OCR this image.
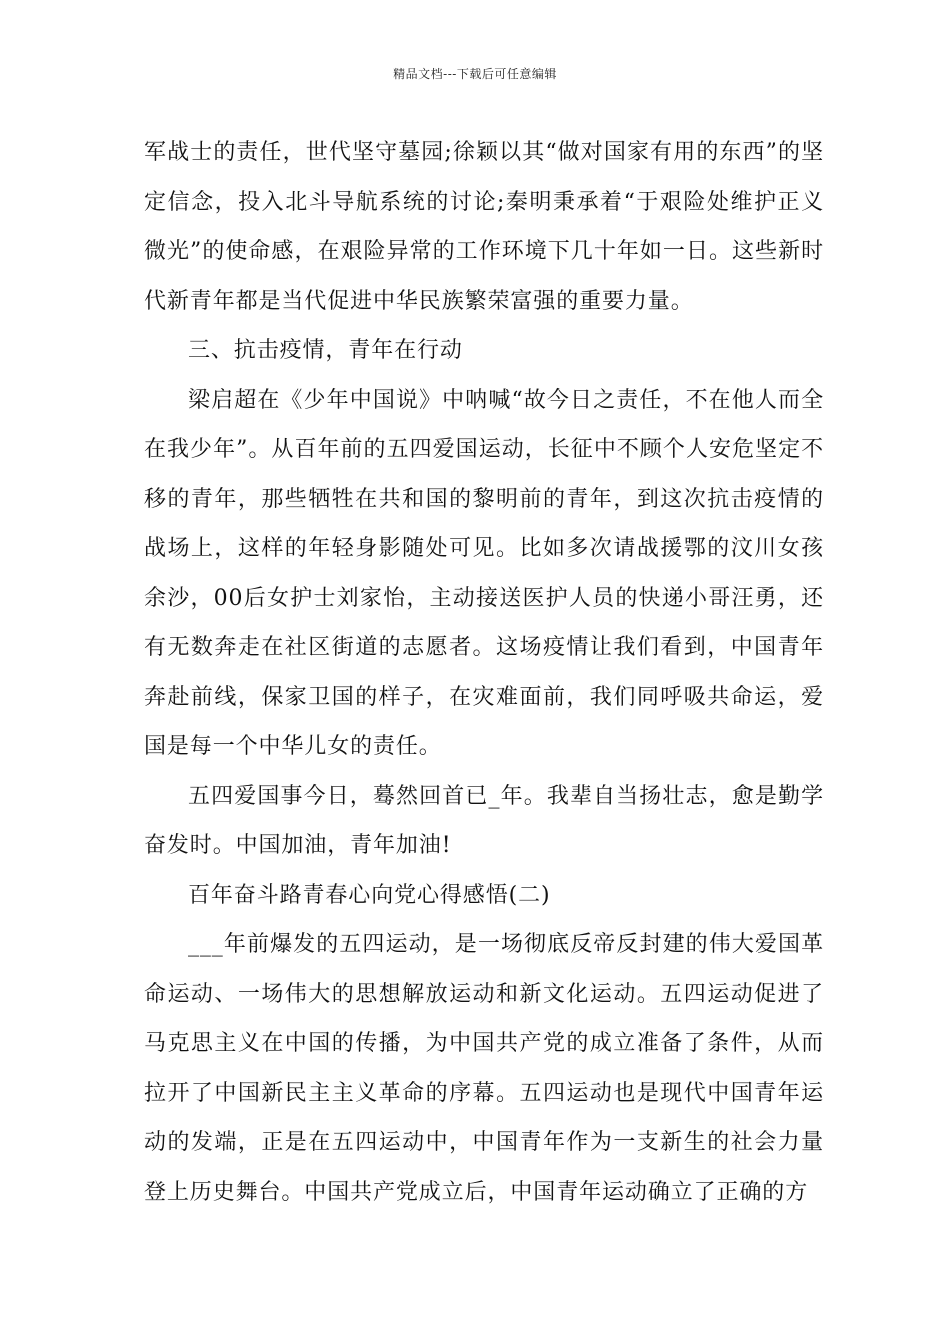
精品文档---下载后可任意编辑

军战士的责任，世代坚守墓园;徐颖以其“做对国家有用的东西”的坚定信念，投入北斗导航系统的讨论;秦明秉承着“于艰险处维护正义微光”的使命感，在艰险异常的工作环境下几十年如一日。这些新时代新青年都是当代促进中华民族繁荣富强的重要力量。

三、抗击疫情，青年在行动

梁启超在《少年中国说》中呐喊“故今日之责任，不在他人而全在我少年”。从百年前的五四爱国运动，长征中不顾个人安危坚定不移的青年，那些牺牲在共和国的黎明前的青年，到这次抗击疫情的战场上，这样的年轻身影随处可见。比如多次请战援鄂的汶川女孩余沙，00后女护士刘家怡，主动接送医护人员的快递小哥汪勇，还有无数奔走在社区街道的志愿者。这场疫情让我们看到，中国青年奔赴前线，保家卫国的样子，在灾难面前，我们同呼吸共命运，爱国是每一个中华儿女的责任。

五四爱国事今日，蓦然回首已_年。我辈自当扬壮志，愈是勤学奋发时。中国加油，青年加油!

百年奋斗路青春心向党心得感悟(二)

___年前爆发的五四运动，是一场彻底反帝反封建的伟大爱国革命运动、一场伟大的思想解放运动和新文化运动。五四运动促进了马克思主义在中国的传播，为中国共产党的成立准备了条件，从而拉开了中国新民主主义革命的序幕。五四运动也是现代中国青年运动的发端，正是在五四运动中，中国青年作为一支新生的社会力量登上历史舞台。中国共产党成立后，中国青年运动确立了正确的方
